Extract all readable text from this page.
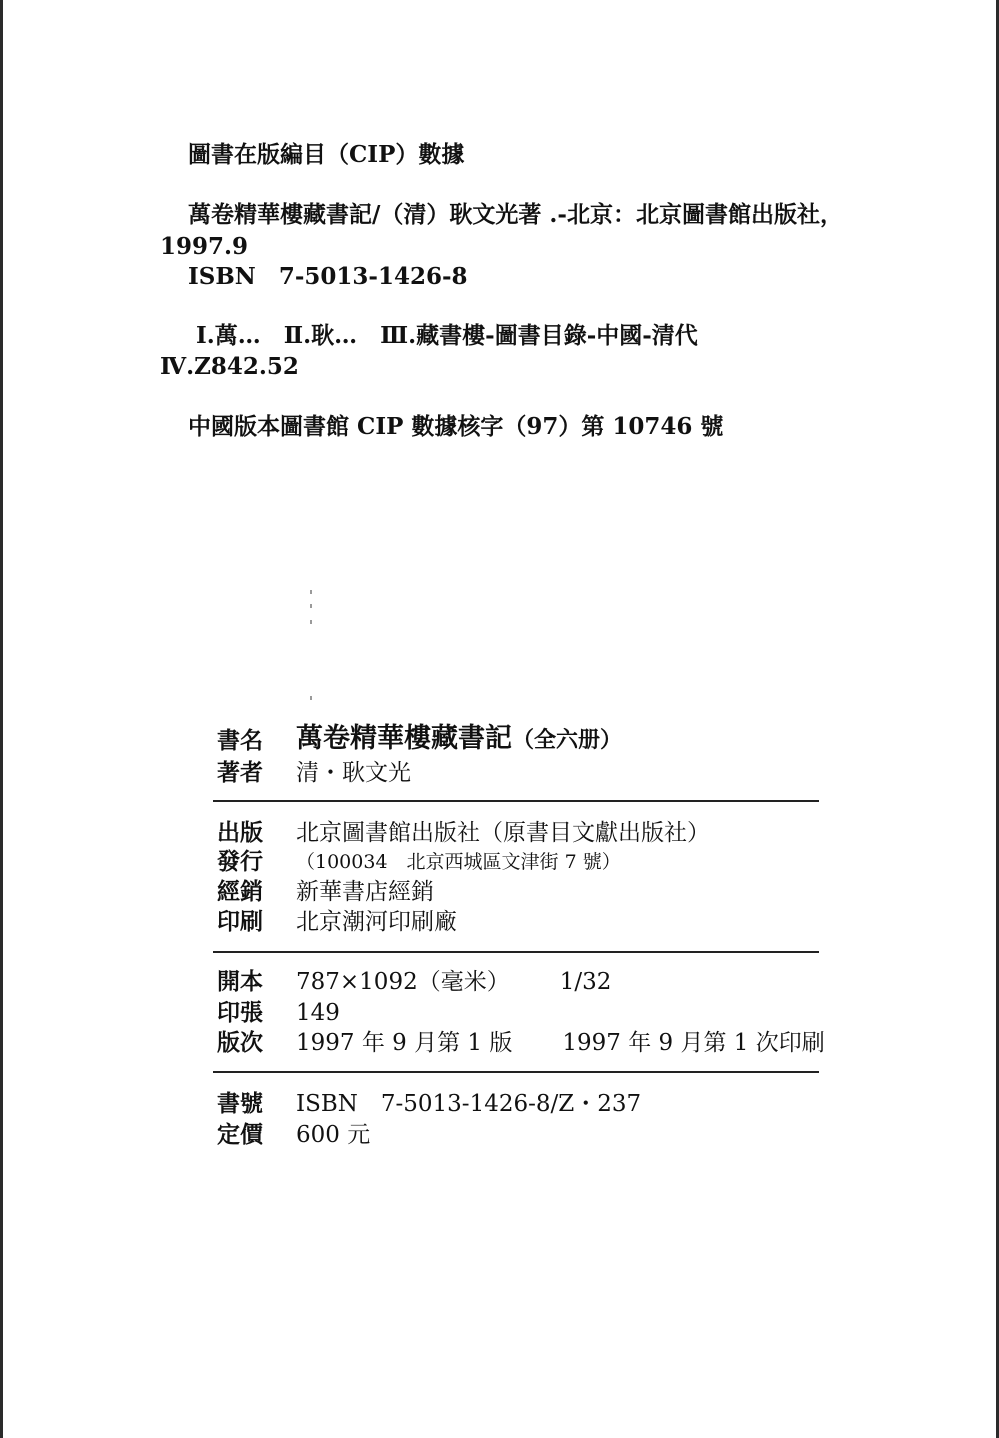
圖書在版編目（CIP）數據
萬卷精華樓藏書記/（清）耿文光著 .-北京：北京圖書館出版社，1997.9
ISBN　7-5013-1426-8
Ⅰ.萬…　Ⅱ.耿…　Ⅲ.藏書樓-圖書目錄-中國-清代
Ⅳ.Z842.52
中國版本圖書館 CIP 數據核字（97）第 10746 號
書名	萬卷精華樓藏書記（全六册）
著者	清・耿文光
出版	北京圖書館出版社（原書目文獻出版社）
發行	（100034　北京西城區文津街 7 號）
經銷	新華書店經銷
印刷	北京潮河印刷廠
開本	787×1092（毫米） 1/32
印張	149
版次	1997 年 9 月第 1 版 1997 年 9 月第 1 次印刷
書號	ISBN　7-5013-1426-8/Z・237
定價	600 元
